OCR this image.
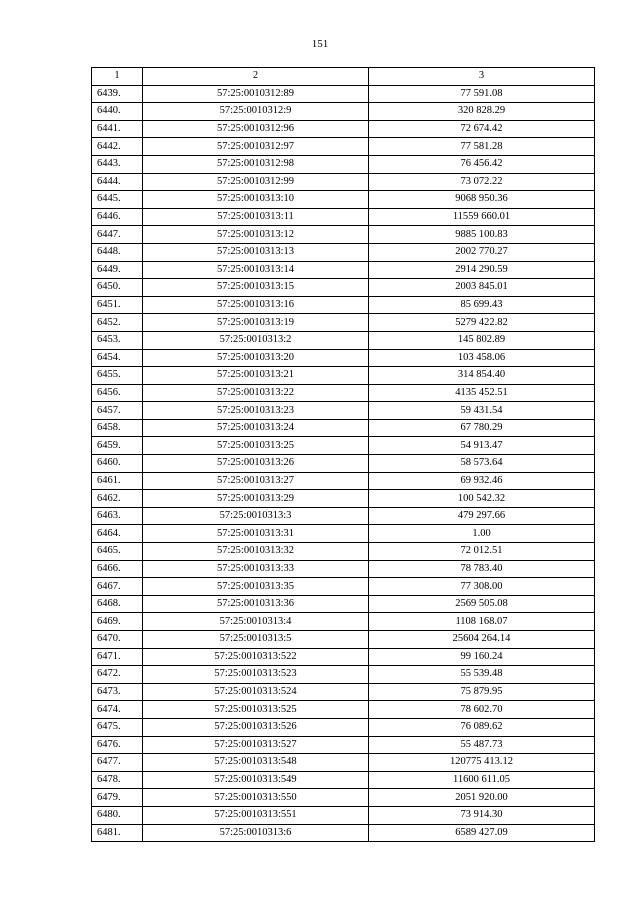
151
1	2	3
6439.	57:25:0010312:89	77 591.08
6440.	57:25:0010312:9	320 828.29
6441.	57:25:0010312:96	72 674.42
6442.	57:25:0010312:97	77 581.28
6443.	57:25:0010312:98	76 456.42
6444.	57:25:0010312:99	73 072.22
6445.	57:25:0010313:10	9068 950.36
6446.	57:25:0010313:11	11559 660.01
6447.	57:25:0010313:12	9885 100.83
6448.	57:25:0010313:13	2002 770.27
6449.	57:25:0010313:14	2914 290.59
6450.	57:25:0010313:15	2003 845.01
6451.	57:25:0010313:16	85 699.43
6452.	57:25:0010313:19	5279 422.82
6453.	57:25:0010313:2	145 802.89
6454.	57:25:0010313:20	103 458.06
6455.	57:25:0010313:21	314 854.40
6456.	57:25:0010313:22	4135 452.51
6457.	57:25:0010313:23	59 431.54
6458.	57:25:0010313:24	67 780.29
6459.	57:25:0010313:25	54 913.47
6460.	57:25:0010313:26	58 573.64
6461.	57:25:0010313:27	69 932.46
6462.	57:25:0010313:29	100 542.32
6463.	57:25:0010313:3	479 297.66
6464.	57:25:0010313:31	1.00
6465.	57:25:0010313:32	72 012.51
6466.	57:25:0010313:33	78 783.40
6467.	57:25:0010313:35	77 308.00
6468.	57:25:0010313:36	2569 505.08
6469.	57:25:0010313:4	1108 168.07
6470.	57:25:0010313:5	25604 264.14
6471.	57:25:0010313:522	99 160.24
6472.	57:25:0010313:523	55 539.48
6473.	57:25:0010313:524	75 879.95
6474.	57:25:0010313:525	78 602.70
6475.	57:25:0010313:526	76 089.62
6476.	57:25:0010313:527	55 487.73
6477.	57:25:0010313:548	120775 413.12
6478.	57:25:0010313:549	11600 611.05
6479.	57:25:0010313:550	2051 920.00
6480.	57:25:0010313:551	73 914.30
6481.	57:25:0010313:6	6589 427.09
